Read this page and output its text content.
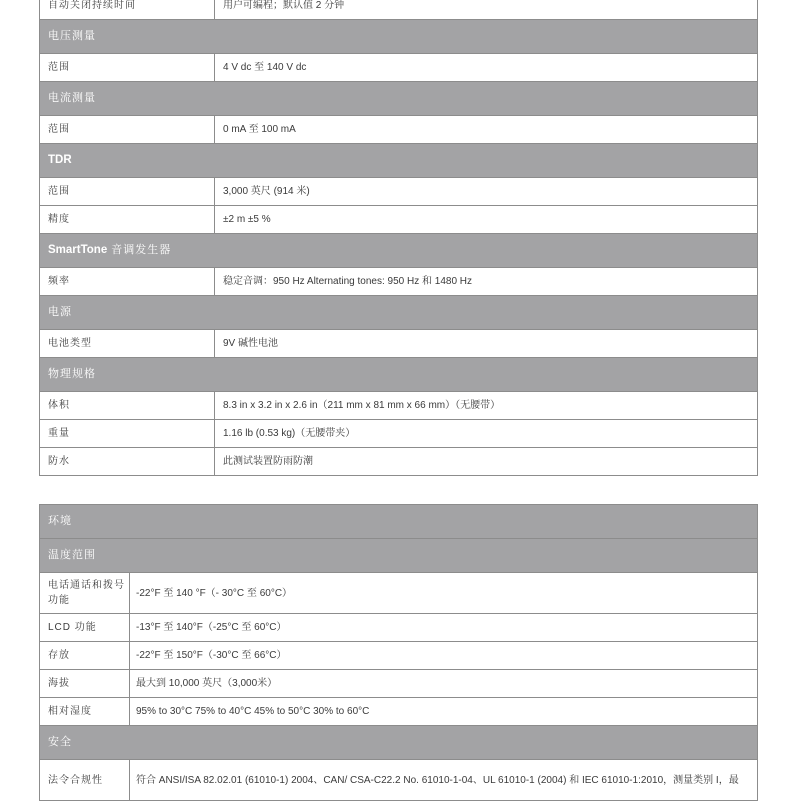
自动关闭持续时间	用户可编程；默认值 2 分钟
电压测量	
范围	4 V dc 至 140 V dc
电流测量	
范围	0 mA 至 100 mA
TDR	
范围	3,000 英尺 (914 米)
精度	±2 m ±5 %
SmartTone 音调发生器	
频率	稳定音调：950 Hz Alternating tones: 950 Hz 和 1480 Hz
电源	
电池类型	9V 碱性电池
物理规格	
体积	8.3 in x 3.2 in x 2.6 in（211 mm x 81 mm x 66 mm）（无腰带）
重量	1.16 lb (0.53 kg)（无腰带夹）
防水	此测试装置防雨防潮
环境	
温度范围	
电话通话和拨号功能	-22°F 至 140 °F（- 30°C 至 60°C）
LCD 功能	-13°F 至 140°F（-25°C 至 60°C）
存放	-22°F 至 150°F（-30°C 至 66°C）
海拔	最大到 10,000 英尺（3,000米）
相对湿度	95% to 30°C 75% to 40°C 45% to 50°C 30% to 60°C
安全	
法令合规性	符合 ANSI/ISA 82.02.01 (61010-1) 2004、CAN/ CSA-C22.2 No. 61010-1-04、UL 61010-1 (2004) 和 IEC 61010-1:2010，测量类别 I，最
